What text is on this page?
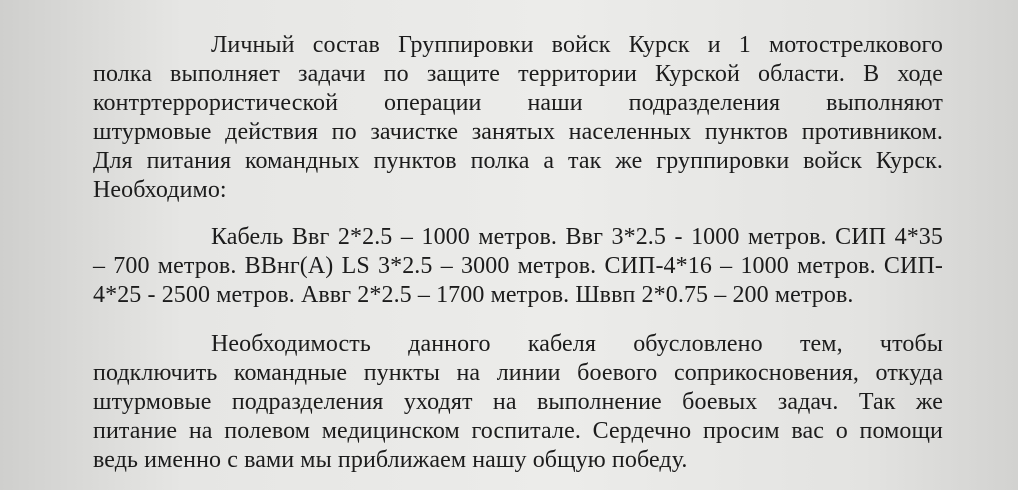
Личный состав Группировки войск Курск и 1 мотострелкового
полка выполняет задачи по защите территории Курской области. В ходе
контртеррористической операции наши подразделения выполняют
штурмовые действия по зачистке занятых населенных пунктов противником.
Для питания командных пунктов полка а так же группировки войск Курск.
Необходимо:
Кабель Ввг 2*2.5 – 1000 метров. Ввг 3*2.5 - 1000 метров. СИП 4*35
– 700 метров. ВВнг(А) LS 3*2.5 – 3000 метров. СИП-4*16 – 1000 метров. СИП-
4*25 - 2500 метров. Аввг 2*2.5 – 1700 метров. Шввп 2*0.75 – 200 метров.
Необходимость данного кабеля обусловлено тем, чтобы
подключить командные пункты на линии боевого соприкосновения, откуда
штурмовые подразделения уходят на выполнение боевых задач. Так же
питание на полевом медицинском госпитале. Сердечно просим вас о помощи
ведь именно с вами мы приближаем нашу общую победу.
